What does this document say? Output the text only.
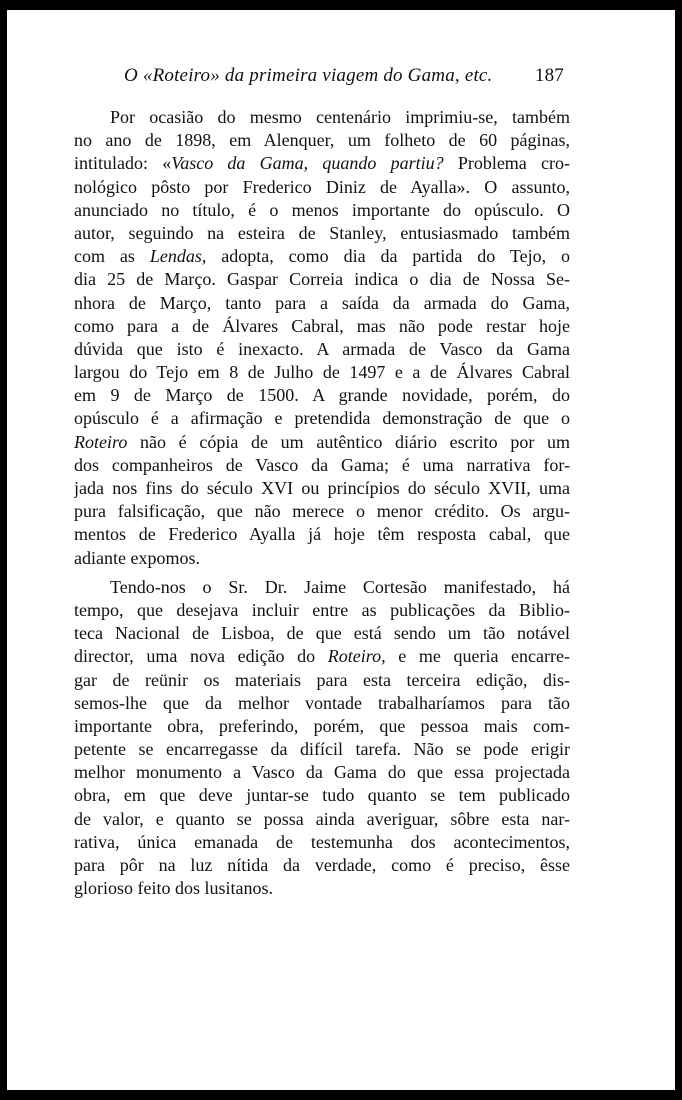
O «Roteiro» da primeira viagem do Gama, etc. 187
Por ocasião do mesmo centenário imprimiu-se, também
no ano de 1898, em Alenquer, um folheto de 60 páginas,
intitulado: «Vasco da Gama, quando partiu? Problema cro-
nológico pôsto por Frederico Diniz de Ayalla». O assunto,
anunciado no título, é o menos importante do opúsculo. O
autor, seguindo na esteira de Stanley, entusiasmado também
com as Lendas, adopta, como dia da partida do Tejo, o
dia 25 de Março. Gaspar Correia indica o dia de Nossa Se-
nhora de Março, tanto para a saída da armada do Gama,
como para a de Álvares Cabral, mas não pode restar hoje
dúvida que isto é inexacto. A armada de Vasco da Gama
largou do Tejo em 8 de Julho de 1497 e a de Álvares Cabral
em 9 de Março de 1500. A grande novidade, porém, do
opúsculo é a afirmação e pretendida demonstração de que o
Roteiro não é cópia de um autêntico diário escrito por um
dos companheiros de Vasco da Gama; é uma narrativa for-
jada nos fins do século XVI ou princípios do século XVII, uma
pura falsificação, que não merece o menor crédito. Os argu-
mentos de Frederico Ayalla já hoje têm resposta cabal, que
adiante expomos.
Tendo-nos o Sr. Dr. Jaime Cortesão manifestado, há
tempo, que desejava incluir entre as publicações da Biblio-
teca Nacional de Lisboa, de que está sendo um tão notável
director, uma nova edição do Roteiro, e me queria encarre-
gar de reünir os materiais para esta terceira edição, dis-
semos-lhe que da melhor vontade trabalharíamos para tão
importante obra, preferindo, porém, que pessoa mais com-
petente se encarregasse da difícil tarefa. Não se pode erigir
melhor monumento a Vasco da Gama do que essa projectada
obra, em que deve juntar-se tudo quanto se tem publicado
de valor, e quanto se possa ainda averiguar, sôbre esta nar-
rativa, única emanada de testemunha dos acontecimentos,
para pôr na luz nítida da verdade, como é preciso, êsse
glorioso feito dos lusitanos.
